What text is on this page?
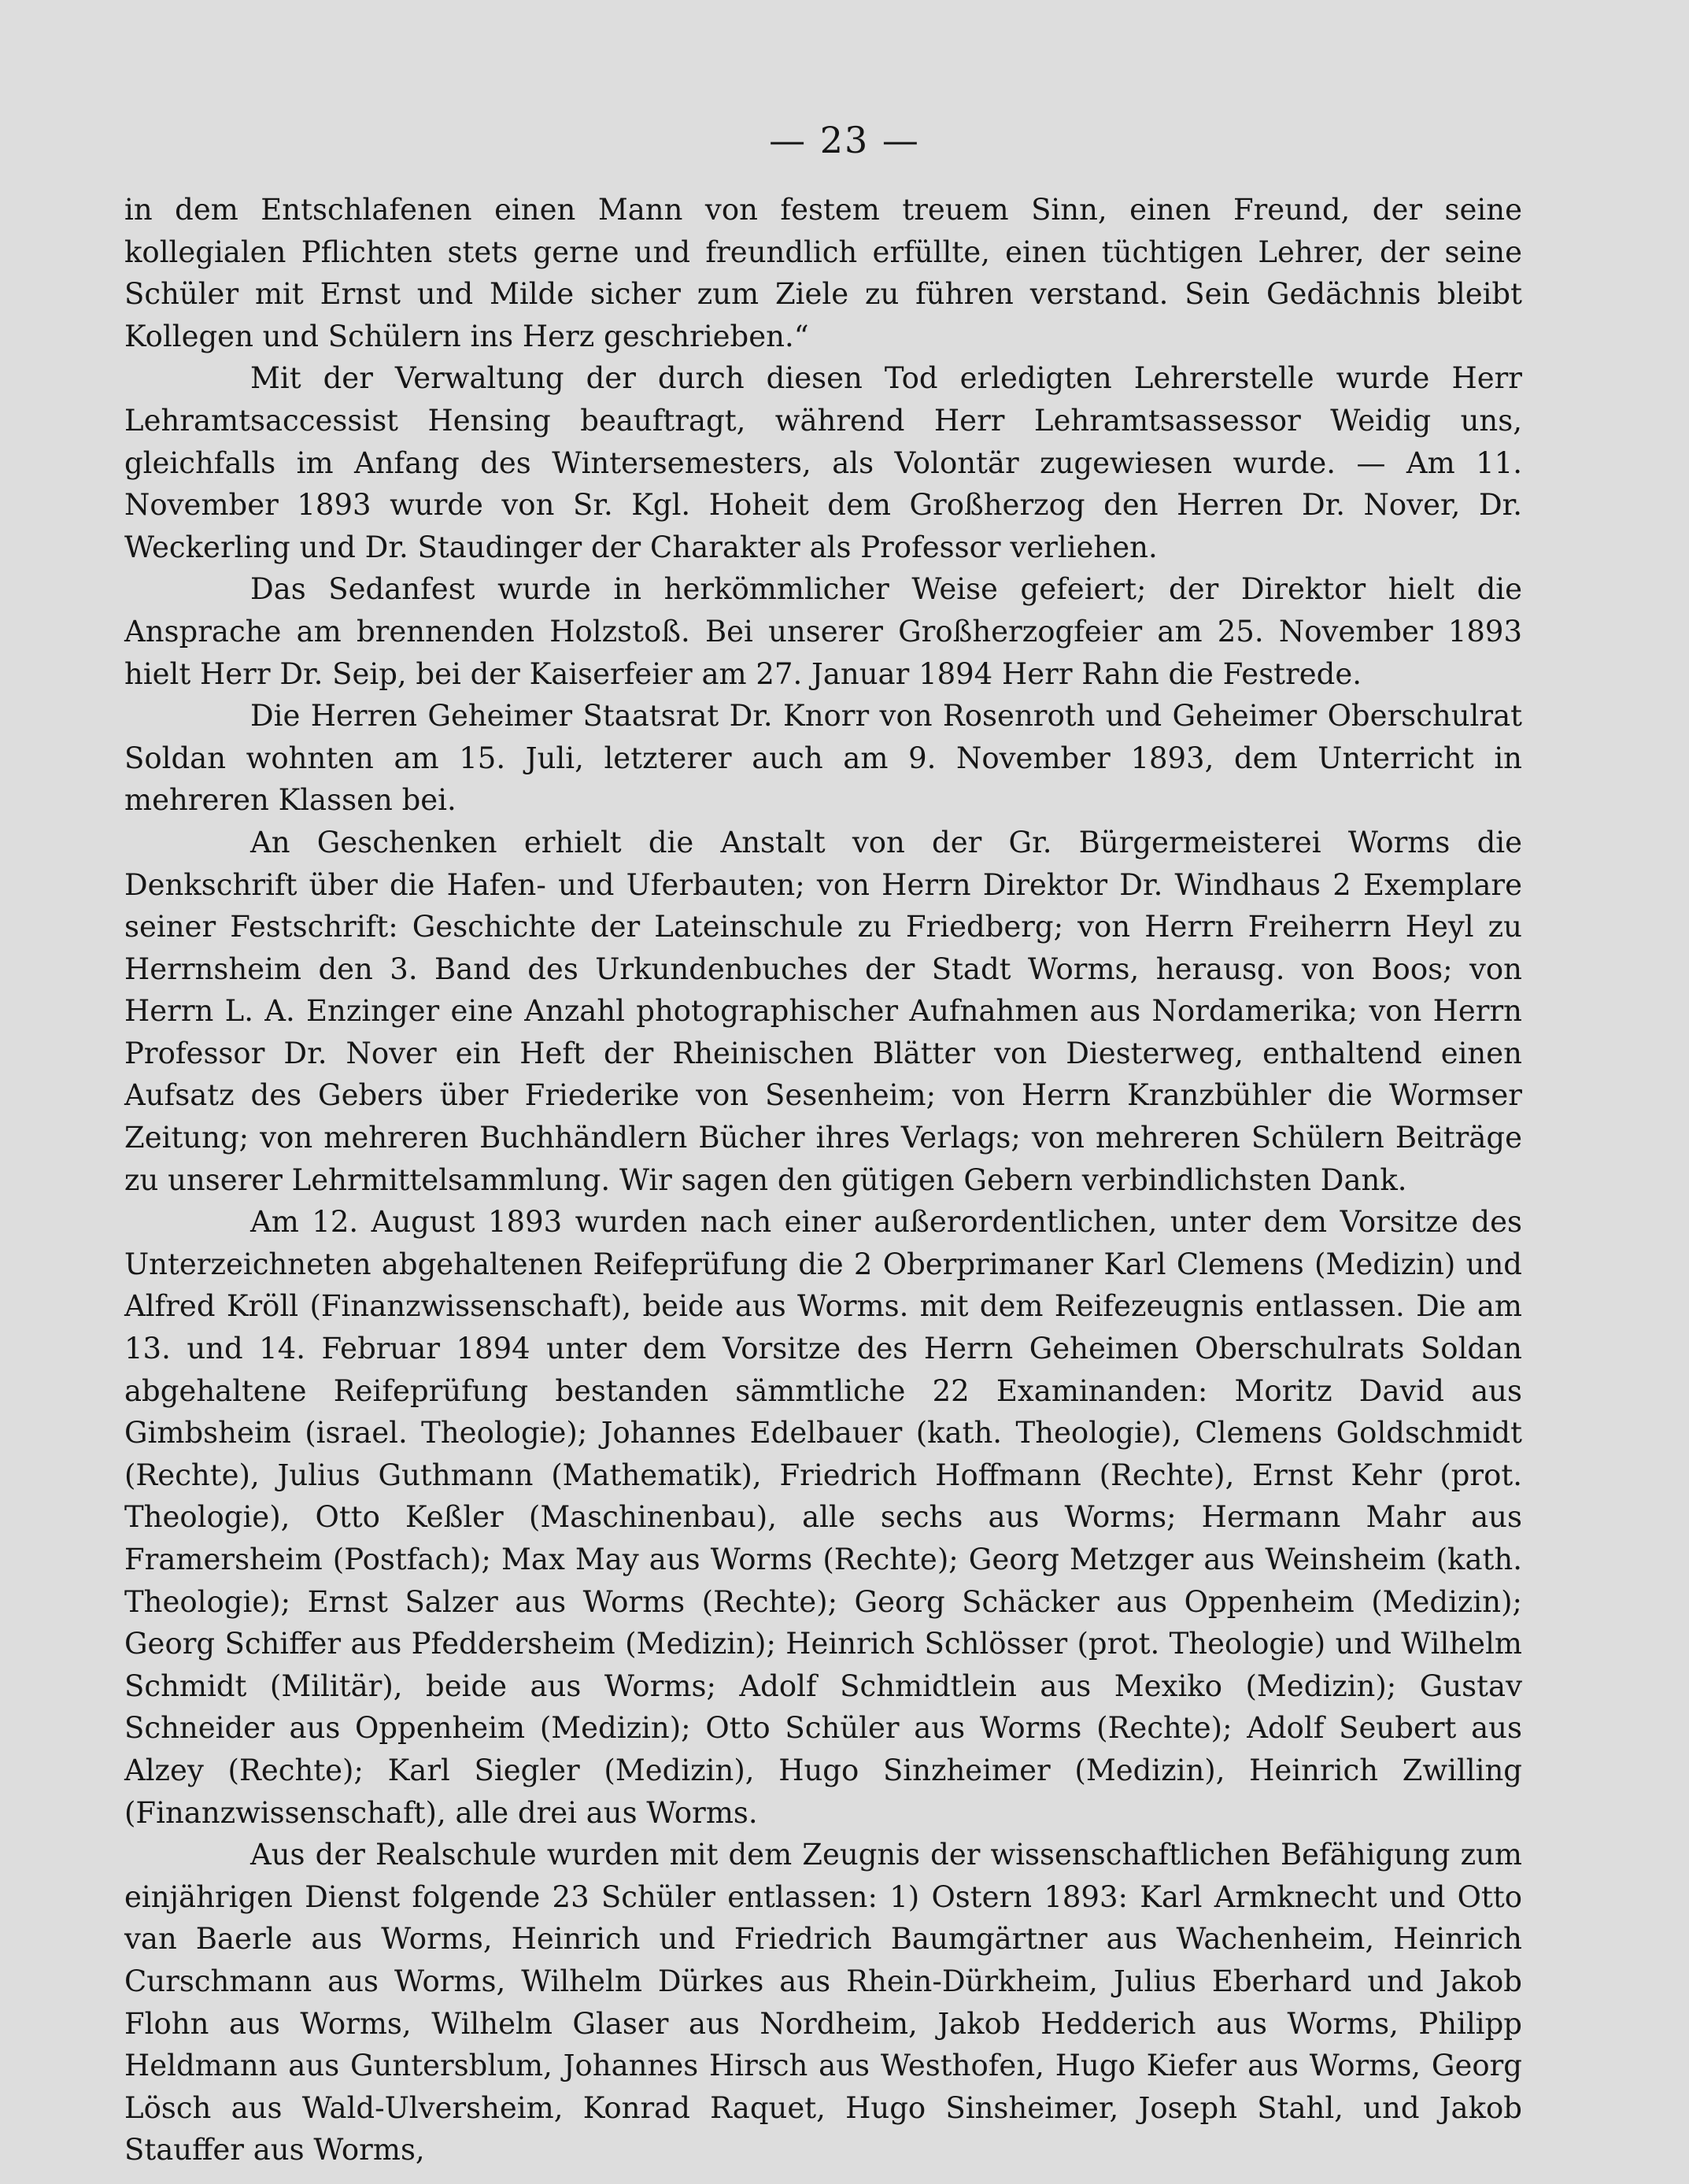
— 23 —

in dem Entschlafenen einen Mann von festem treuem Sinn, einen Freund, der seine kollegialen Pflichten stets gerne und freundlich erfüllte, einen tüchtigen Lehrer, der seine Schüler mit Ernst und Milde sicher zum Ziele zu führen verstand. Sein Gedächnis bleibt Kollegen und Schülern ins Herz geschrieben.“

Mit der Verwaltung der durch diesen Tod erledigten Lehrerstelle wurde Herr Lehramtsaccessist Hensing beauftragt, während Herr Lehramtsassessor Weidig uns, gleichfalls im Anfang des Wintersemesters, als Volontär zugewiesen wurde. — Am 11. November 1893 wurde von Sr. Kgl. Hoheit dem Großherzog den Herren Dr. Nover, Dr. Weckerling und Dr. Staudinger der Charakter als Professor verliehen.

Das Sedanfest wurde in herkömmlicher Weise gefeiert; der Direktor hielt die Ansprache am brennenden Holzstoß. Bei unserer Großherzogfeier am 25. November 1893 hielt Herr Dr. Seip, bei der Kaiserfeier am 27. Januar 1894 Herr Rahn die Festrede.

Die Herren Geheimer Staatsrat Dr. Knorr von Rosenroth und Geheimer Oberschulrat Soldan wohnten am 15. Juli, letzterer auch am 9. November 1893, dem Unterricht in mehreren Klassen bei.

An Geschenken erhielt die Anstalt von der Gr. Bürgermeisterei Worms die Denkschrift über die Hafen- und Uferbauten; von Herrn Direktor Dr. Windhaus 2 Exemplare seiner Festschrift: Geschichte der Lateinschule zu Friedberg; von Herrn Freiherrn Heyl zu Herrnsheim den 3. Band des Urkundenbuches der Stadt Worms, herausg. von Boos; von Herrn L. A. Enzinger eine Anzahl photographischer Aufnahmen aus Nordamerika; von Herrn Professor Dr. Nover ein Heft der Rheinischen Blätter von Diesterweg, enthaltend einen Aufsatz des Gebers über Friederike von Sesenheim; von Herrn Kranzbühler die Wormser Zeitung; von mehreren Buchhändlern Bücher ihres Verlags; von mehreren Schülern Beiträge zu unserer Lehrmittelsammlung. Wir sagen den gütigen Gebern verbindlichsten Dank.

Am 12. August 1893 wurden nach einer außerordentlichen, unter dem Vorsitze des Unterzeichneten abgehaltenen Reifeprüfung die 2 Oberprimaner Karl Clemens (Medizin) und Alfred Kröll (Finanzwissenschaft), beide aus Worms. mit dem Reifezeugnis entlassen. Die am 13. und 14. Februar 1894 unter dem Vorsitze des Herrn Geheimen Oberschulrats Soldan abgehaltene Reifeprüfung bestanden sämmtliche 22 Examinanden: Moritz David aus Gimbsheim (israel. Theologie); Johannes Edelbauer (kath. Theologie), Clemens Goldschmidt (Rechte), Julius Guthmann (Mathematik), Friedrich Hoffmann (Rechte), Ernst Kehr (prot. Theologie), Otto Keßler (Maschinenbau), alle sechs aus Worms; Hermann Mahr aus Framersheim (Postfach); Max May aus Worms (Rechte); Georg Metzger aus Weinsheim (kath. Theologie); Ernst Salzer aus Worms (Rechte); Georg Schäcker aus Oppenheim (Medizin); Georg Schiffer aus Pfeddersheim (Medizin); Heinrich Schlösser (prot. Theologie) und Wilhelm Schmidt (Militär), beide aus Worms; Adolf Schmidtlein aus Mexiko (Medizin); Gustav Schneider aus Oppenheim (Medizin); Otto Schüler aus Worms (Rechte); Adolf Seubert aus Alzey (Rechte); Karl Siegler (Medizin), Hugo Sinzheimer (Medizin), Heinrich Zwilling (Finanzwissenschaft), alle drei aus Worms.

Aus der Realschule wurden mit dem Zeugnis der wissenschaftlichen Befähigung zum einjährigen Dienst folgende 23 Schüler entlassen: 1) Ostern 1893: Karl Armknecht und Otto van Baerle aus Worms, Heinrich und Friedrich Baumgärtner aus Wachenheim, Heinrich Curschmann aus Worms, Wilhelm Dürkes aus Rhein-Dürkheim, Julius Eberhard und Jakob Flohn aus Worms, Wilhelm Glaser aus Nordheim, Jakob Hedderich aus Worms, Philipp Heldmann aus Guntersblum, Johannes Hirsch aus Westhofen, Hugo Kiefer aus Worms, Georg Lösch aus Wald-Ulversheim, Konrad Raquet, Hugo Sinsheimer, Joseph Stahl, und Jakob Stauffer aus Worms,
